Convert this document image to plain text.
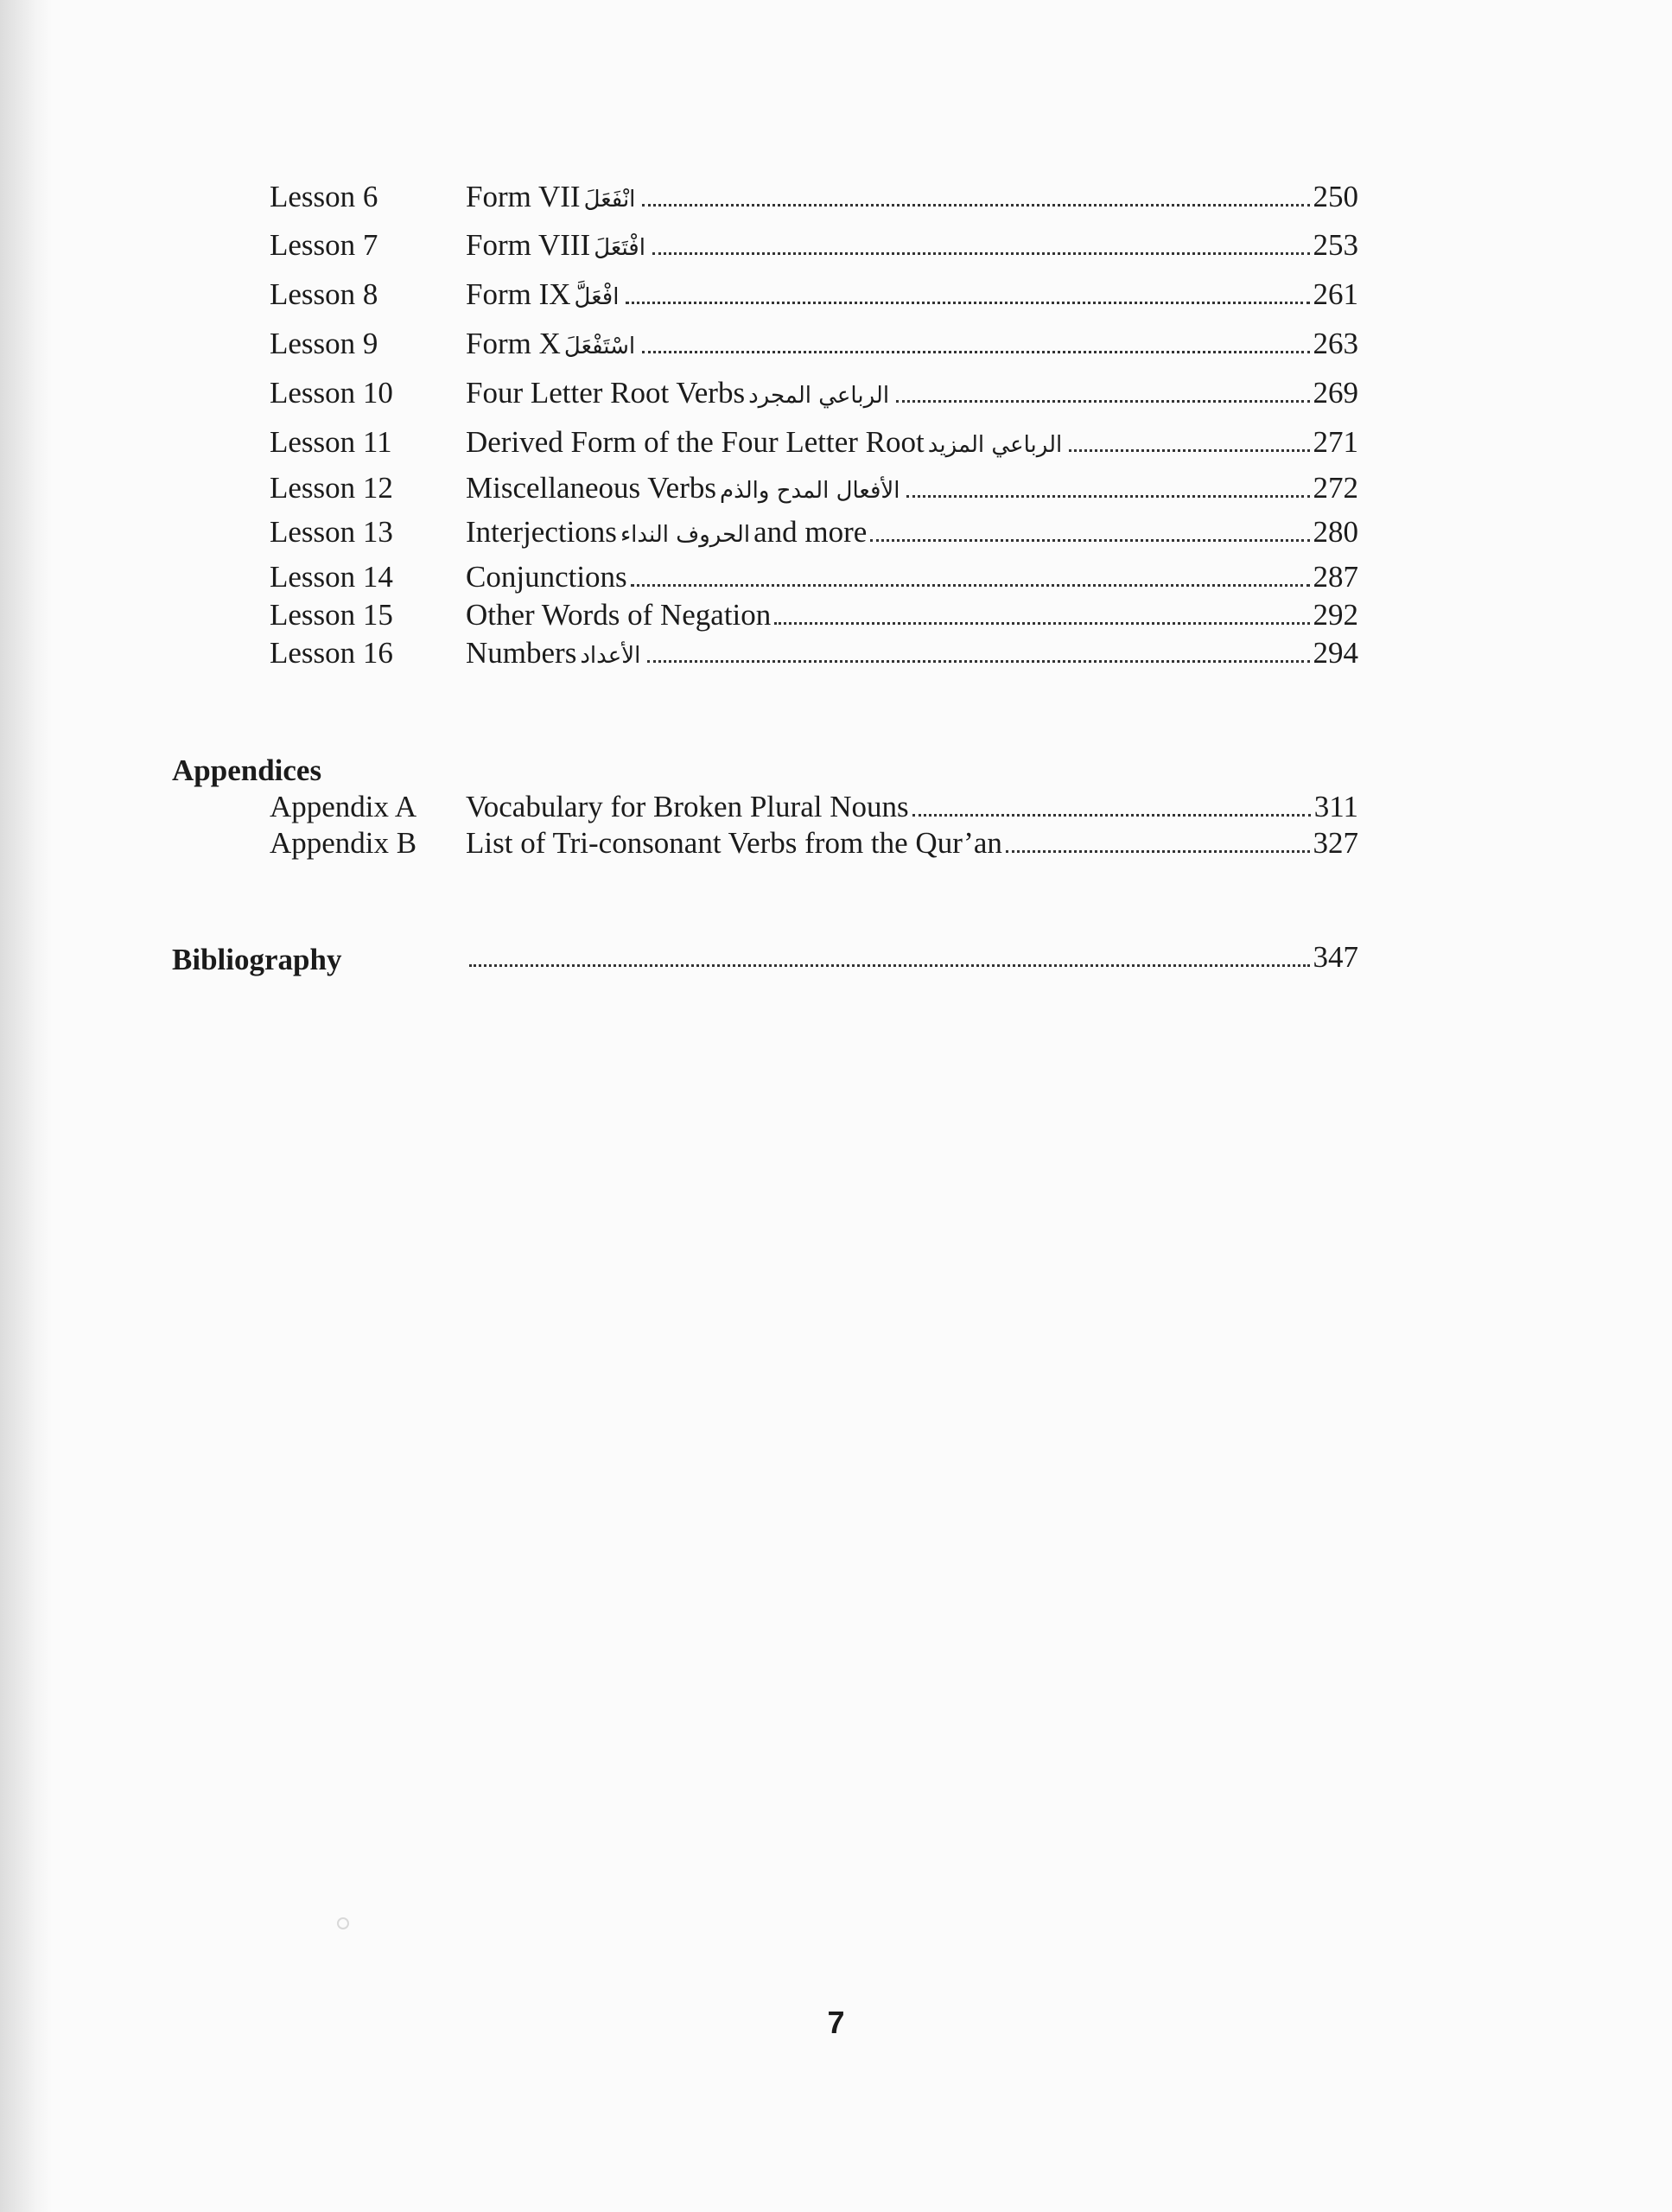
Lesson 6	Form VII انْفَعَلَ	250
Lesson 7	Form VIII افْتَعَلَ	253
Lesson 8	Form IX افْعَلَّ	261
Lesson 9	Form X اسْتَفْعَلَ	263
Lesson 10 Four Letter Root Verbs الرباعي المجرد	269
Lesson 11 Derived Form of the Four Letter Root الرباعي المزيد	271
Lesson 12 Miscellaneous Verbs الأفعال المدح والذم	272
Lesson 13 Interjections الحروف النداء and more	280
Lesson 14 Conjunctions	287
Lesson 15 Other Words of Negation	292
Lesson 16 Numbers الأعداد	294
Appendices
Appendix A Vocabulary for Broken Plural Nouns	311
Appendix B List of Tri-consonant Verbs from the Qur’an	327
Bibliography	347
7
